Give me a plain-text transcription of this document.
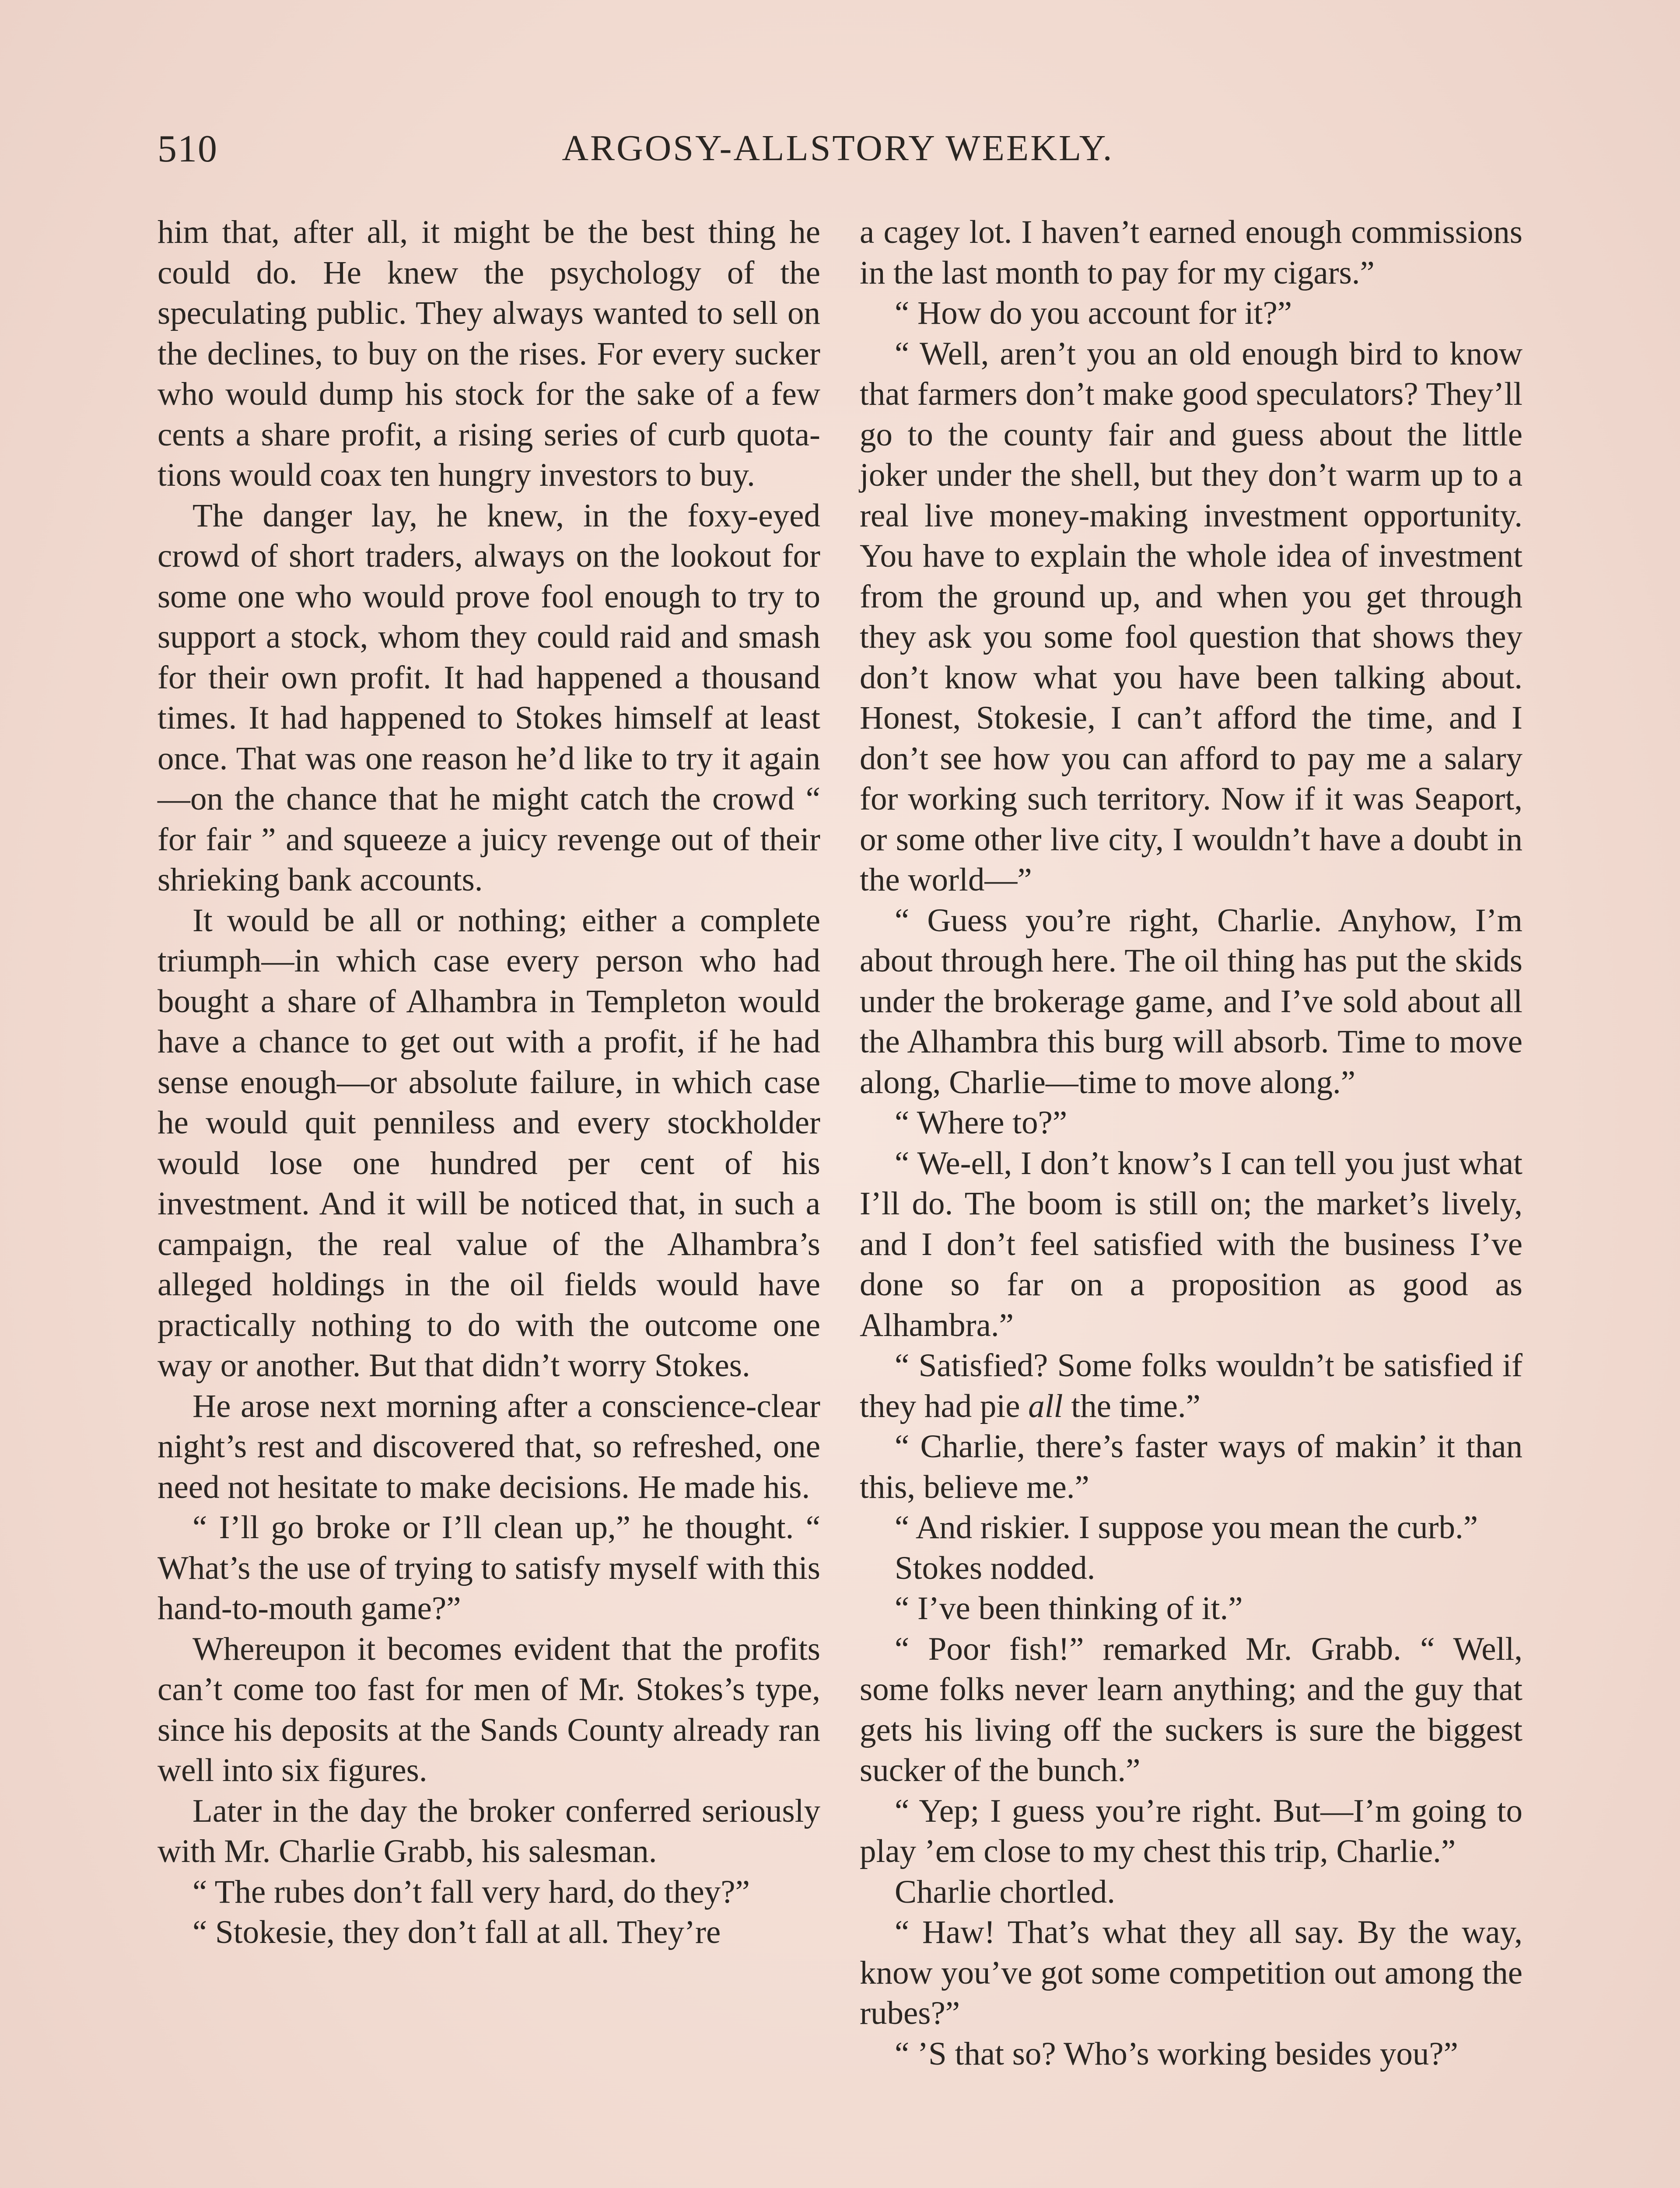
510	ARGOSY-ALLSTORY WEEKLY.

him that, after all, it might be the best thing he could do. He knew the psychology of the speculating public. They always wanted to sell on the declines, to buy on the rises. For every sucker who would dump his stock for the sake of a few cents a share profit, a rising series of curb quotations would coax ten hungry investors to buy.

The danger lay, he knew, in the foxy-eyed crowd of short traders, always on the lookout for some one who would prove fool enough to try to support a stock, whom they could raid and smash for their own profit. It had happened a thousand times. It had happened to Stokes himself at least once. That was one reason he’d like to try it again—on the chance that he might catch the crowd “ for fair ” and squeeze a juicy revenge out of their shrieking bank accounts.

It would be all or nothing; either a complete triumph—in which case every person who had bought a share of Alhambra in Templeton would have a chance to get out with a profit, if he had sense enough—or absolute failure, in which case he would quit penniless and every stockholder would lose one hundred per cent of his investment. And it will be noticed that, in such a campaign, the real value of the Alhambra’s alleged holdings in the oil fields would have practically nothing to do with the outcome one way or another. But that didn’t worry Stokes.

He arose next morning after a conscience-clear night’s rest and discovered that, so refreshed, one need not hesitate to make decisions. He made his.

“ I’ll go broke or I’ll clean up,” he thought. “ What’s the use of trying to satisfy myself with this hand-to-mouth game?”

Whereupon it becomes evident that the profits can’t come too fast for men of Mr. Stokes’s type, since his deposits at the Sands County already ran well into six figures.

Later in the day the broker conferred seriously with Mr. Charlie Grabb, his salesman.

“ The rubes don’t fall very hard, do they?”

“ Stokesie, they don’t fall at all. They’re

a cagey lot. I haven’t earned enough commissions in the last month to pay for my cigars.”

“ How do you account for it?”

“ Well, aren’t you an old enough bird to know that farmers don’t make good speculators? They’ll go to the county fair and guess about the little joker under the shell, but they don’t warm up to a real live money-making investment opportunity. You have to explain the whole idea of investment from the ground up, and when you get through they ask you some fool question that shows they don’t know what you have been talking about. Honest, Stokesie, I can’t afford the time, and I don’t see how you can afford to pay me a salary for working such territory. Now if it was Seaport, or some other live city, I wouldn’t have a doubt in the world—”

“ Guess you’re right, Charlie. Anyhow, I’m about through here. The oil thing has put the skids under the brokerage game, and I’ve sold about all the Alhambra this burg will absorb. Time to move along, Charlie—time to move along.”

“ Where to?”

“ We-ell, I don’t know’s I can tell you just what I’ll do. The boom is still on; the market’s lively, and I don’t feel satisfied with the business I’ve done so far on a proposition as good as Alhambra.”

“ Satisfied? Some folks wouldn’t be satisfied if they had pie all the time.”

“ Charlie, there’s faster ways of makin’ it than this, believe me.”

“ And riskier. I suppose you mean the curb.”

Stokes nodded.

“ I’ve been thinking of it.”

“ Poor fish!” remarked Mr. Grabb. “ Well, some folks never learn anything; and the guy that gets his living off the suckers is sure the biggest sucker of the bunch.”

“ Yep; I guess you’re right. But—I’m going to play ’em close to my chest this trip, Charlie.”

Charlie chortled.

“ Haw! That’s what they all say. By the way, know you’ve got some competition out among the rubes?”

“ ’S that so? Who’s working besides you?”
